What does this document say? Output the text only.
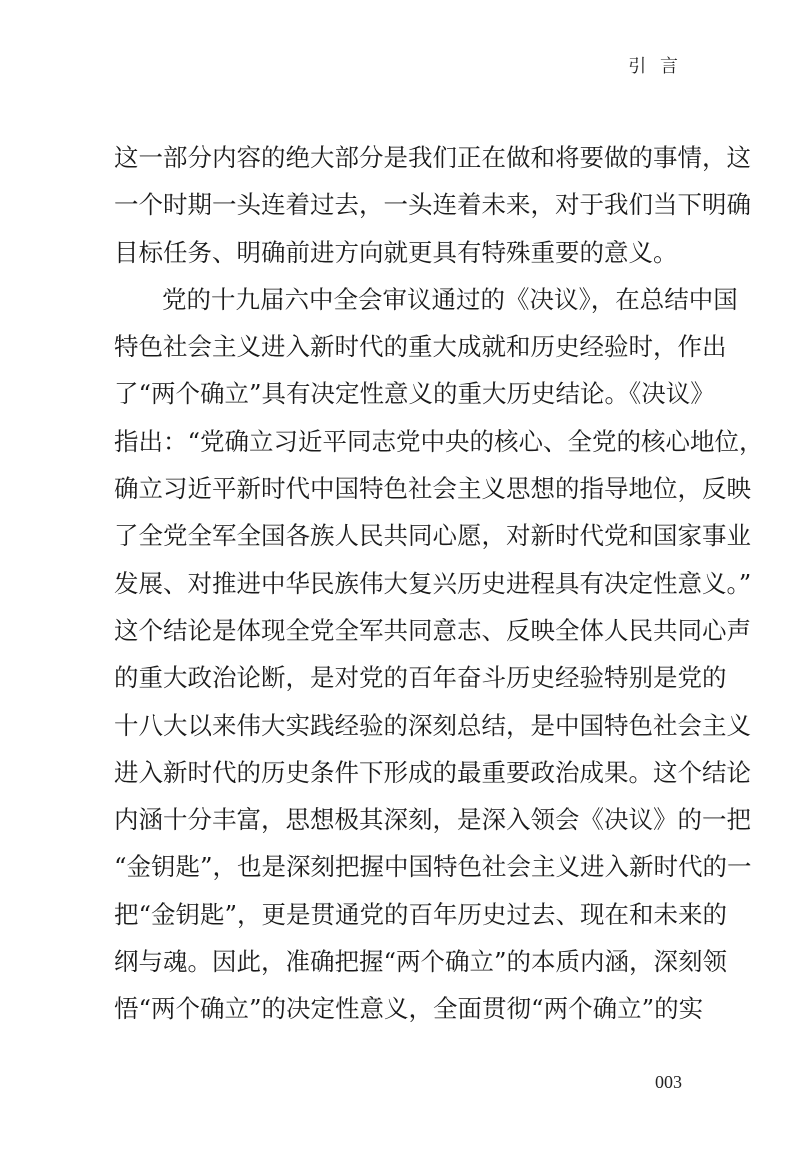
引 言
这一部分内容的绝大部分是我们正在做和将要做的事情，这
一个时期一头连着过去，一头连着未来，对于我们当下明确
目标任务、明确前进方向就更具有特殊重要的意义。
党的十九届六中全会审议通过的《决议》，在总结中国
特色社会主义进入新时代的重大成就和历史经验时，作出
了“两个确立”具有决定性意义的重大历史结论。《决议》
指出：“党确立习近平同志党中央的核心、全党的核心地位，
确立习近平新时代中国特色社会主义思想的指导地位，反映
了全党全军全国各族人民共同心愿，对新时代党和国家事业
发展、对推进中华民族伟大复兴历史进程具有决定性意义。”
这个结论是体现全党全军共同意志、反映全体人民共同心声
的重大政治论断，是对党的百年奋斗历史经验特别是党的
十八大以来伟大实践经验的深刻总结，是中国特色社会主义
进入新时代的历史条件下形成的最重要政治成果。这个结论
内涵十分丰富，思想极其深刻，是深入领会《决议》的一把
“金钥匙”，也是深刻把握中国特色社会主义进入新时代的一
把“金钥匙”，更是贯通党的百年历史过去、现在和未来的
纲与魂。因此，准确把握“两个确立”的本质内涵，深刻领
悟“两个确立”的决定性意义，全面贯彻“两个确立”的实
003
